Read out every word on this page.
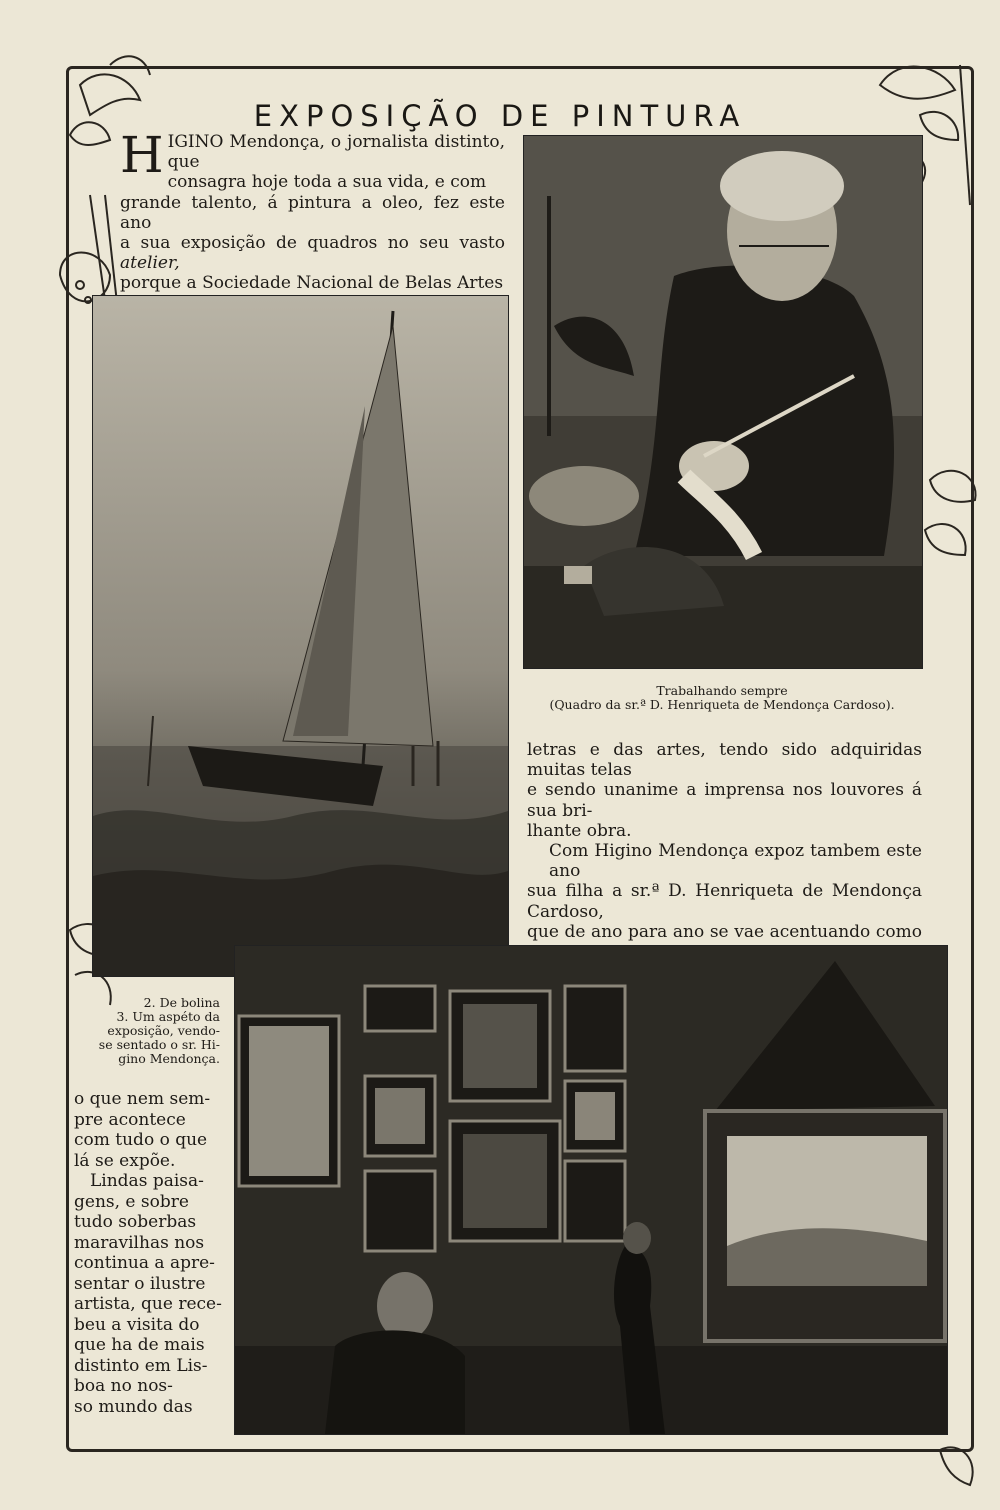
EXPOSIÇÃO DE PINTURA
H IGINO Mendonça, o jornalista distinto, que

consagra hoje toda a sua vida, e com

grande talento, á pintura a oleo, fez este ano

a sua exposição de quadros no seu vasto atelier,

porque a Sociedade Nacional de Belas Artes

Trabalhando sempre
(Quadro da sr.ª D. Henriqueta de Mendonça Cardoso).

letras e das artes, tendo sido adquiridas muitas telas

e sendo unanime a imprensa nos louvores á sua bri-

lhante obra.

Com Higino Mendonça expoz tambem este ano

sua filha a sr.ª D. Henriqueta de Mendonça Cardoso,

que de ano para ano se vae acentuando como

2. De bolina
3. Um aspéto da
exposição, vendo-
se sentado o sr. Hi-
gino Mendonça.

o que nem sem-

pre acontece

com tudo o que

lá se expõe.

Lindas paisa-

gens, e sobre

tudo soberbas

maravilhas nos

continua a apre-

sentar o ilustre

artista, que rece-

beu a visita do

que ha de mais

distinto em Lis-

boa no nos-

so mundo das
